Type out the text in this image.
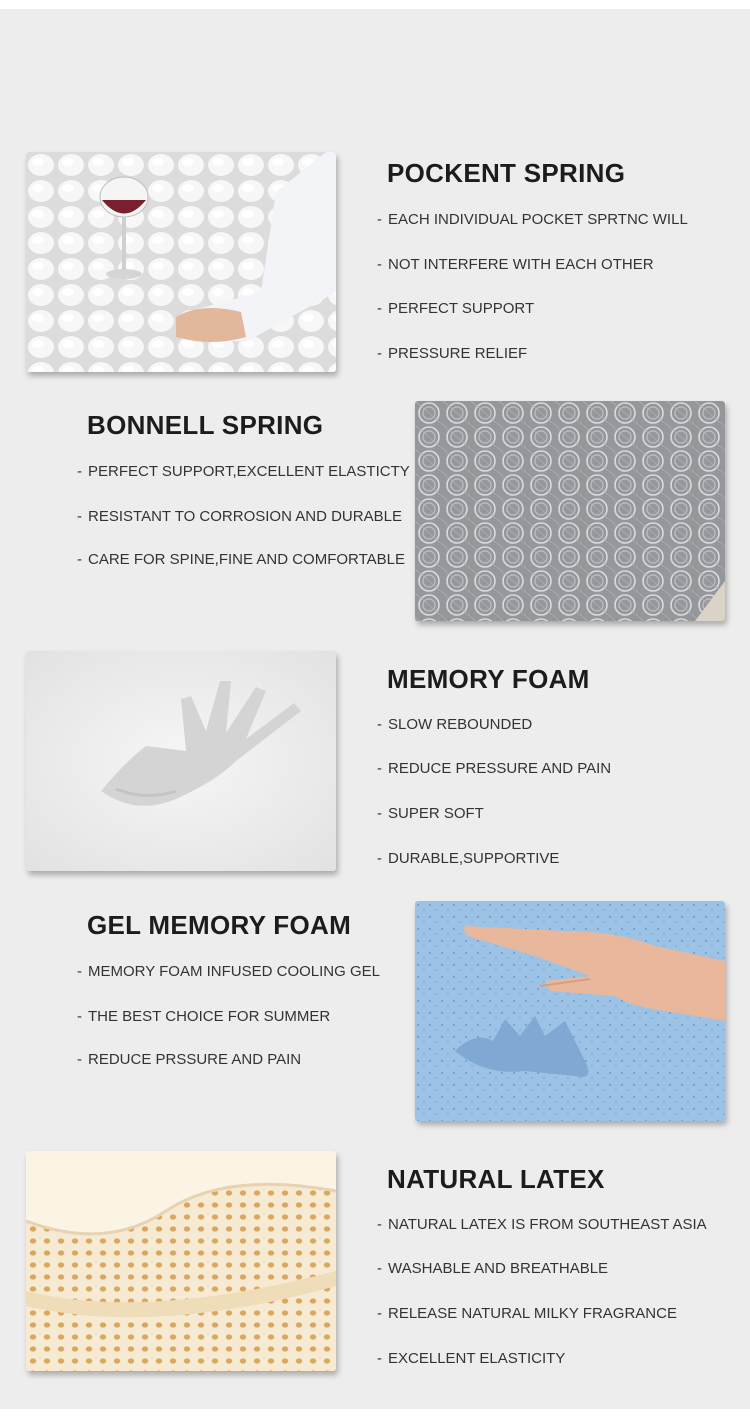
POCKENT SPRING
- EACH INDIVIDUAL POCKET SPRTNC WILL
- NOT INTERFERE WITH EACH OTHER
- PERFECT SUPPORT
- PRESSURE RELIEF
BONNELL SPRING
- PERFECT SUPPORT,EXCELLENT ELASTICTY
- RESISTANT TO CORROSION AND DURABLE
- CARE FOR SPINE,FINE AND COMFORTABLE
MEMORY FOAM
- SLOW REBOUNDED
- REDUCE PRESSURE AND PAIN
- SUPER SOFT
- DURABLE,SUPPORTIVE
GEL MEMORY FOAM
- MEMORY FOAM INFUSED COOLING GEL
- THE BEST CHOICE FOR SUMMER
- REDUCE PRSSURE AND PAIN
NATURAL LATEX
- NATURAL LATEX IS FROM SOUTHEAST ASIA
- WASHABLE AND BREATHABLE
- RELEASE NATURAL MILKY FRAGRANCE
- EXCELLENT ELASTICITY
